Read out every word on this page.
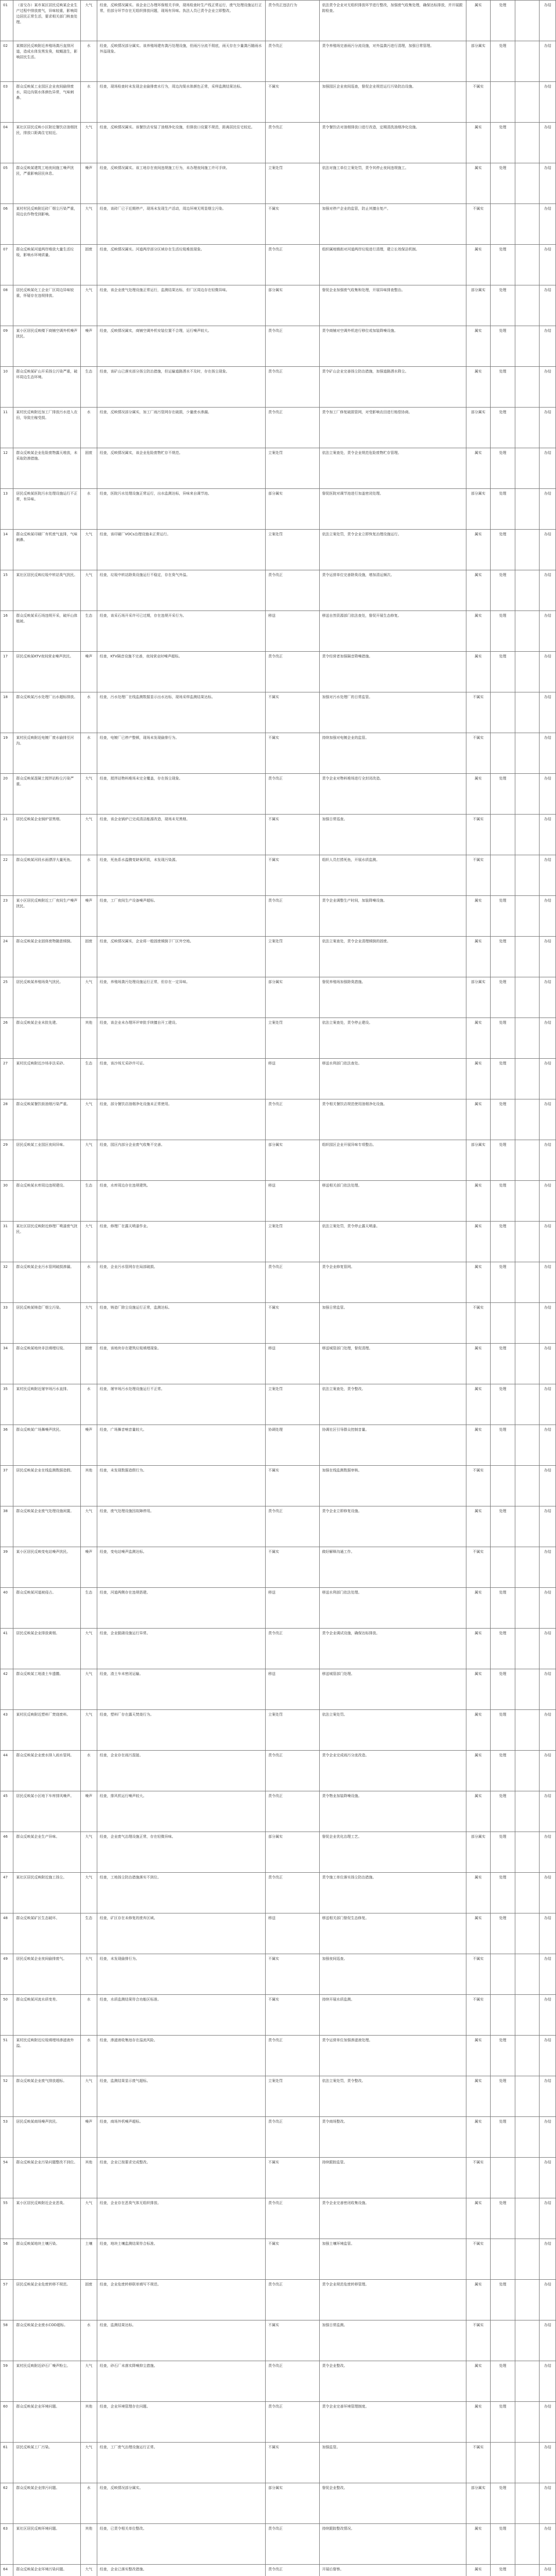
01	（省交办）某市某区居民反映某企业生产过程中排放废气，异味较重，影响周边居民正常生活，要求相关部门核查处理。	大气	经查，反映情况属实。该企业已办理环保相关手续，现场检查时生产线正常运行，废气处理设施运行正常，但部分环节存在无组织排放问题，现场有异味。执法人员已责令企业立即整改。	责令改正违法行为	依法责令企业对无组织排放环节进行整改，加强废气收集处理，确保达标排放，并开展跟踪检查。	属实	处理		办结
02	某镇居民反映附近养殖场粪污直排河道，造成水体发黑发臭，蚊蝇滋生，影响居民生活。	水	经查，反映情况部分属实。该养殖场建有粪污处理设施，但雨污分流不彻底，雨天存在少量粪污随雨水外溢现象。	责令改正	责令养殖场完善雨污分流设施，对外溢粪污进行清理，加强日常管理。	部分属实	处理		办结
03	群众反映某工业园区企业夜间偷排废水，周边沟渠水体颜色异常，气味刺鼻。	水	经查，现场检查时未发现企业偷排废水行为，周边沟渠水体颜色正常，采样监测结果达标。	不属实	加强园区企业夜间巡查，督促企业规范运行污染防治设施。	不属实			办结
04	某社区居民反映小区附近餐饮店油烟扰民，排放口距离住宅较近。	大气	经查，反映情况属实。该餐饮店安装了油烟净化设施，但排放口设置不规范，距离居民住宅较近。	责令改正	责令餐饮店对油烟排放口进行改造，定期清洗油烟净化设施。	属实	处理		办结
05	群众反映某建筑工地夜间施工噪声扰民，严重影响居民休息。	噪声	经查，反映情况属实。该工地存在夜间违规施工行为，未办理夜间施工许可手续。	立案处罚	依法对施工单位立案处罚，责令其停止夜间违规施工。	属实	处理		办结
06	某村村民反映附近砖厂烟尘污染严重，周边农作物受到影响。	大气	经查，该砖厂已于近期停产，现场未发现生产活动，周边环境无明显烟尘污染。	不属实	加强对停产企业的监管，防止其擅自复产。	不属实			办结
07	群众反映某河道两岸堆放大量生活垃圾，影响水环境质量。	固废	经查，反映情况属实。河道两岸部分区域存在生活垃圾堆放现象。	责令改正	组织属地镇街对河道两岸垃圾进行清理，建立长效保洁机制。	属实	处理		办结
08	居民反映某化工企业厂区周边异味较重，怀疑存在违规排放。	大气	经查，该企业废气处理设施正常运行，监测结果达标，但厂区周边存在轻微异味。	部分属实	督促企业加强废气收集和处理，开展异味排查整治。	部分属实	处理		办结
09	某小区居民反映楼下商铺空调外机噪声扰民。	噪声	经查，反映情况属实，商铺空调外机安装位置不合理，运行噪声较大。	责令改正	责令商铺对空调外机进行移位或加装降噪设施。	属实	处理		办结
10	群众反映某矿山开采扬尘污染严重，破坏周边生态环境。	生态	经查，该矿山已落实部分扬尘防治措施，但运输道路洒水不及时，存在扬尘现象。	责令改正	责令矿山企业完善扬尘防治措施，加强道路洒水降尘。	属实	处理		办结
11	某村民反映附近加工厂排放污水进入农田，导致庄稼受损。	水	经查，反映情况部分属实，加工厂雨污管网存在破损，少量废水渗漏。	责令改正	责令加工厂修复破损管网，对受影响农田进行赔偿协商。	部分属实	处理		办结
12	群众反映某企业危险废物露天堆放，未采取防渗措施。	固废	经查，反映情况属实，该企业危险废物贮存不规范。	立案处罚	依法立案查处，责令企业规范危险废物贮存管理。	属实	处理		办结
13	居民反映某医院污水处理设施运行不正常，有异味。	水	经查，医院污水处理设施正常运行，出水监测达标，异味来自调节池。	部分属实	督促医院对调节池进行加盖密闭处理。	部分属实	处理		办结
14	群众反映某印刷厂有机废气直排，气味刺鼻。	大气	经查，该印刷厂VOCs治理设施未正常运行。	立案处罚	依法立案处罚，责令企业立即恢复治理设施运行。	属实	处理		办结
15	某社区居民反映垃圾中转站臭气扰民。	大气	经查，垃圾中转站除臭设施运行不稳定，存在臭气外溢。	责令改正	责令运营单位完善除臭设施，增加清运频次。	属实	处理		办结
16	群众反映某采石场违规开采，破坏山体植被。	生态	经查，该采石场开采许可已过期，存在违规开采行为。	移送	移送自然资源部门依法查处，督促开展生态修复。	属实	处理		办结
17	居民反映某KTV夜间营业噪声扰民。	噪声	经查，KTV隔音设施不完善，夜间营业时噪声超标。	责令改正	责令经营者加强隔音降噪措施。	属实	处理		办结
18	群众反映某污水处理厂出水超标排放。	水	经查，污水处理厂在线监测数据显示出水达标，现场采样监测结果达标。	不属实	加强对污水处理厂的日常监管。	不属实			办结
19	某村民反映附近电镀厂废水偷排至河沟。	水	经查，电镀厂已停产整顿，现场未发现偷排行为。	不属实	持续加强对电镀企业的监管。	不属实			办结
20	群众反映某混凝土搅拌站粉尘污染严重。	大气	经查，搅拌站物料堆场未完全覆盖，存在扬尘现象。	责令改正	责令企业对物料堆场进行全封闭改造。	属实	处理		办结
21	居民反映某企业锅炉冒黑烟。	大气	经查，该企业锅炉已完成清洁能源改造，现场未见黑烟。	不属实	加强日常巡查。	不属实			办结
22	群众反映某河段水面漂浮大量死鱼。	水	经查，死鱼系水温骤变缺氧所致，未发现污染源。	不属实	组织人员打捞死鱼，开展水质监测。	不属实			办结
23	某小区居民反映附近工厂夜间生产噪声扰民。	噪声	经查，工厂夜间生产设备噪声超标。	责令改正	责令企业调整生产时间，加装降噪设施。	属实	处理		办结
24	群众反映某企业固体废物随意倾倒。	固废	经查，反映情况属实，企业将一般固废倾倒于厂区外空地。	立案处罚	依法立案查处，责令企业清理倾倒的固废。	属实	处理		办结
25	居民反映某养殖场臭气扰民。	大气	经查，养殖场粪污处理设施运行正常，但存在一定异味。	部分属实	督促养殖场加强除臭措施。	部分属实	处理		办结
26	群众反映某企业未批先建。	其他	经查，该企业未办理环评审批手续擅自开工建设。	立案处罚	依法立案查处，责令停止建设。	属实	处理		办结
27	某村民反映附近沙场非法采砂。	生态	经查，该沙场无采砂许可证。	移送	移送水利部门依法查处。	属实	处理		办结
28	群众反映某餐饮街油烟污染严重。	大气	经查，部分餐饮店油烟净化设施未正常使用。	责令改正	责令相关餐饮店规范使用油烟净化设施。	属实	处理		办结
29	居民反映某工业园区夜间异味。	大气	经查，园区内部分企业废气收集不完善。	部分属实	组织园区企业开展异味专项整治。	部分属实	处理		办结
30	群众反映某水库周边违规建设。	生态	经查，水库周边存在违规建筑。	移送	移送相关部门依法处理。	属实	处理		办结
31	某社区居民反映附近修理厂喷漆废气扰民。	大气	经查，修理厂在露天喷漆作业。	立案处罚	依法立案处罚，责令停止露天喷漆。	属实	处理		办结
32	群众反映某企业污水管网破损渗漏。	水	经查，企业污水管网存在局部破损。	责令改正	责令企业修复管网。	属实	处理		办结
33	居民反映某铸造厂烟尘污染。	大气	经查，铸造厂除尘设施运行正常，监测达标。	不属实	加强日常监管。	不属实			办结
34	群众反映某地块非法填埋垃圾。	固废	经查，该地块存在建筑垃圾填埋现象。	移送	移送城管部门处理，督促清理。	属实	处理		办结
35	某村民反映附近屠宰场污水直排。	水	经查，屠宰场污水处理设施运行不正常。	立案处罚	依法立案查处，责令整改。	属实	处理		办结
36	群众反映某广场舞噪声扰民。	噪声	经查，广场舞音响音量较大。	协调处理	协调社区引导群众控制音量。	属实	处理		办结
37	居民反映某企业在线监测数据造假。	其他	经查，未发现数据造假行为。	不属实	加强在线监测数据审核。	不属实			办结
38	群众反映某企业废气处理设施闲置。	大气	经查，废气处理设施因故障停用。	责令改正	责令企业立即修复设施。	属实	处理		办结
39	某小区居民反映变电站噪声扰民。	噪声	经查，变电站噪声监测达标。	不属实	做好解释沟通工作。	不属实			办结
40	群众反映某河道被侵占。	生态	经查，河道两侧存在违规搭建。	移送	移送水利部门依法处理。	属实	处理		办结
41	居民反映某企业排放黄烟。	大气	经查，企业脱硝设施运行异常。	责令改正	责令企业调试设施，确保达标排放。	属实	处理		办结
42	群众反映某工地渣土车遗撒。	大气	经查，渣土车未密闭运输。	移送	移送城管部门处理。	属实	处理		办结
43	某村民反映附近塑料厂焚烧废料。	大气	经查，塑料厂存在露天焚烧行为。	立案处罚	依法立案处罚。	属实	处理		办结
44	群众反映某企业废水排入雨水管网。	水	经查，企业存在雨污混接。	责令改正	责令企业完成雨污分流改造。	属实	处理		办结
45	居民反映某小区地下车库排风噪声。	噪声	经查，排风机运行噪声较大。	责令改正	责令物业加装降噪设施。	属实	处理		办结
46	群众反映某企业生产异味。	大气	经查，企业废气治理设施正常，存在轻微异味。	部分属实	督促企业优化治理工艺。	部分属实	处理		办结
47	某社区居民反映附近施工扬尘。	大气	经查，工地扬尘防治措施落实不到位。	责令改正	责令施工单位落实扬尘防治措施。	属实	处理		办结
48	群众反映某矿区生态破坏。	生态	经查，矿区存在未修复的废弃区域。	移送	移送相关部门督促生态修复。	属实	处理		办结
49	居民反映某企业夜间偷排废气。	大气	经查，未发现偷排行为。	不属实	加强夜间巡查。	不属实			办结
50	群众反映某河流水质变差。	水	经查，水质监测结果符合功能区标准。	不属实	持续开展水质监测。	不属实			办结
51	某村民反映附近垃圾填埋场渗滤液外溢。	水	经查，渗滤液收集池存在溢流风险。	责令改正	责令运营单位加强渗滤液处理。	属实	处理		办结
52	群众反映某企业废气排放超标。	大气	经查，监测结果显示废气超标。	立案处罚	依法立案处罚，责令整改。	属实	处理		办结
53	居民反映某商场噪声扰民。	噪声	经查，商场外机噪声超标。	责令改正	责令商场整改。	属实	处理		办结
54	群众反映某企业污染问题整改不到位。	其他	经查，企业已按要求完成整改。	不属实	持续跟踪监管。	不属实			办结
55	某小区居民反映附近企业恶臭。	大气	经查，企业存在恶臭气体无组织排放。	责令改正	责令企业完善密闭收集设施。	属实	处理		办结
56	群众反映某地块土壤污染。	土壤	经查，地块土壤监测结果符合标准。	不属实	加强土壤环境监管。	不属实			办结
57	居民反映某企业危废转移不规范。	固废	经查，企业危废转移联单填写不规范。	责令改正	责令企业规范危废转移管理。	属实	处理		办结
58	群众反映某企业废水COD超标。	水	经查，监测结果达标。	不属实	加强日常监测。	不属实			办结
59	某村民反映附近砂石厂噪声粉尘。	大气	经查，砂石厂未落实降噪抑尘措施。	责令改正	责令企业整改。	属实	处理		办结
60	群众反映某企业环境问题。	其他	经查，企业环境管理存在问题。	责令改正	责令企业完善环境管理制度。	属实	处理		办结
61	居民反映某工厂污染。	大气	经查，工厂废气治理设施运行正常。	不属实	加强监管。	不属实			办结
62	群众反映某企业排污问题。	水	经查，反映情况部分属实。	部分属实	督促企业整改。	部分属实	处理		办结
63	某社区居民反映环境问题。	其他	经查，已责令相关单位整改。	责令改正	持续跟踪整改情况。	属实	处理		办结
64	群众反映某企业环境污染问题。	大气	经查，企业已落实整改措施。	责令改正	开展后督察。	属实	处理		办结
